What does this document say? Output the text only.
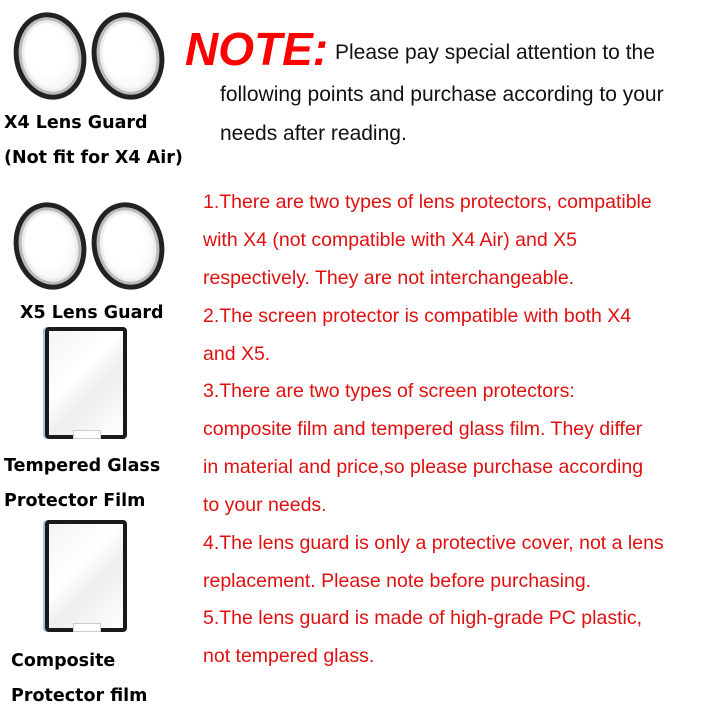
X4 Lens Guard
(Not fit for X4 Air)
X5 Lens Guard
Tempered Glass
Protector Film
Composite
Protector film
NOTE: Please pay special attention to the
following points and purchase according to your
needs after reading.
1.There are two types of lens protectors, compatible
with X4 (not compatible with X4 Air) and X5
respectively. They are not interchangeable.
2.The screen protector is compatible with both X4
and X5.
3.There are two types of screen protectors:
composite film and tempered glass film. They differ
in material and price,so please purchase according
to your needs.
4.The lens guard is only a protective cover, not a lens
replacement. Please note before purchasing.
5.The lens guard is made of high-grade PC plastic,
not tempered glass.
